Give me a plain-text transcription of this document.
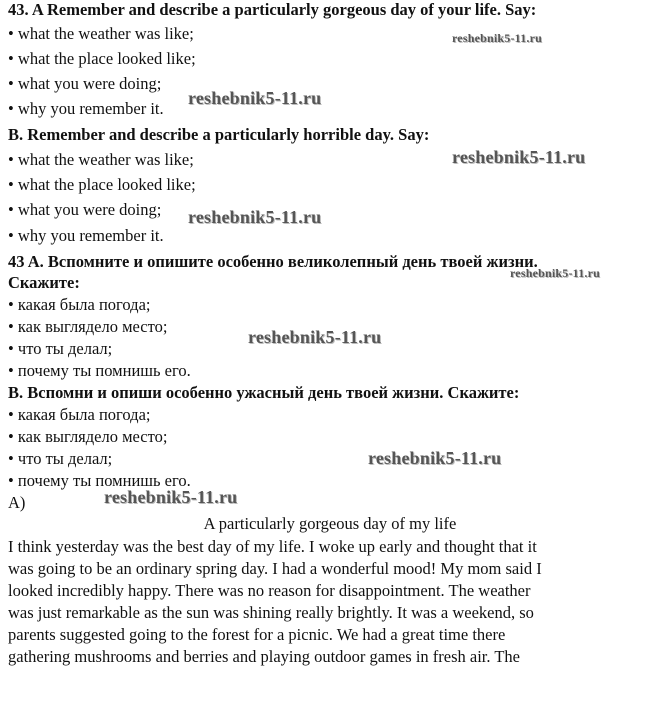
43. A Remember and describe a particularly gorgeous day of your life. Say:
• what the weather was like;
• what the place looked like;
• what you were doing;
• why you remember it.
B. Remember and describe a particularly horrible day. Say:
• what the weather was like;
• what the place looked like;
• what you were doing;
• why you remember it.
43 A. Вспомните и опишите особенно великолепный день твоей жизни.
Скажите:
• какая была погода;
• как выглядело место;
• что ты делал;
• почему ты помнишь его.
B. Вспомни и опиши особенно ужасный день твоей жизни. Скажите:
• какая была погода;
• как выглядело место;
• что ты делал;
• почему ты помнишь его.
A)
A particularly gorgeous day of my life
I think yesterday was the best day of my life. I woke up early and thought that it
was going to be an ordinary spring day. I had a wonderful mood! My mom said I
looked incredibly happy. There was no reason for disappointment. The weather
was just remarkable as the sun was shining really brightly. It was a weekend, so
parents suggested going to the forest for a picnic. We had a great time there
gathering mushrooms and berries and playing outdoor games in fresh air. The
reshebnik5-11.ru
reshebnik5-11.ru
reshebnik5-11.ru
reshebnik5-11.ru
reshebnik5-11.ru
reshebnik5-11.ru
reshebnik5-11.ru
reshebnik5-11.ru
